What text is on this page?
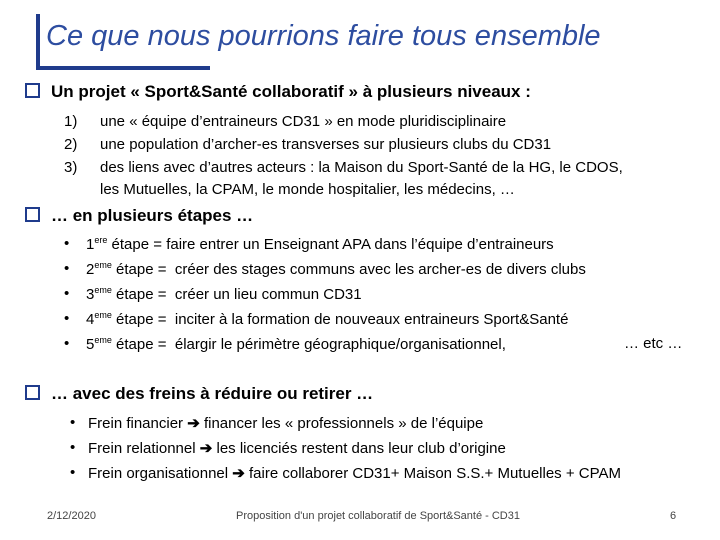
Ce que nous pourrions faire tous ensemble
Un projet « Sport&Santé collaboratif » à plusieurs niveaux :
1) une « équipe d’entraineurs CD31 » en mode pluridisciplinaire
2) une population d’archer-es transverses sur plusieurs clubs du CD31
3) des liens avec d’autres acteurs : la Maison du Sport-Santé de la HG, le CDOS,
les Mutuelles, la CPAM, le monde hospitalier, les médecins, …
… en plusieurs étapes …
• 1ere étape = faire entrer un Enseignant APA dans l’équipe d’entraineurs
• 2eme étape = créer des stages communs avec les archer-es de divers clubs
• 3eme étape = créer un lieu commun CD31
• 4eme étape = inciter à la formation de nouveaux entraineurs Sport&Santé
• 5eme étape = élargir le périmètre géographique/organisationnel,	… etc …
… avec des freins à réduire ou retirer …
• Frein financier ➔ financer les « professionnels » de l’équipe
• Frein relationnel ➔ les licenciés restent dans leur club d’origine
• Frein organisationnel ➔ faire collaborer CD31+ Maison S.S.+ Mutuelles + CPAM
2/12/2020	Proposition d'un projet collaboratif de Sport&Santé - CD31	6
